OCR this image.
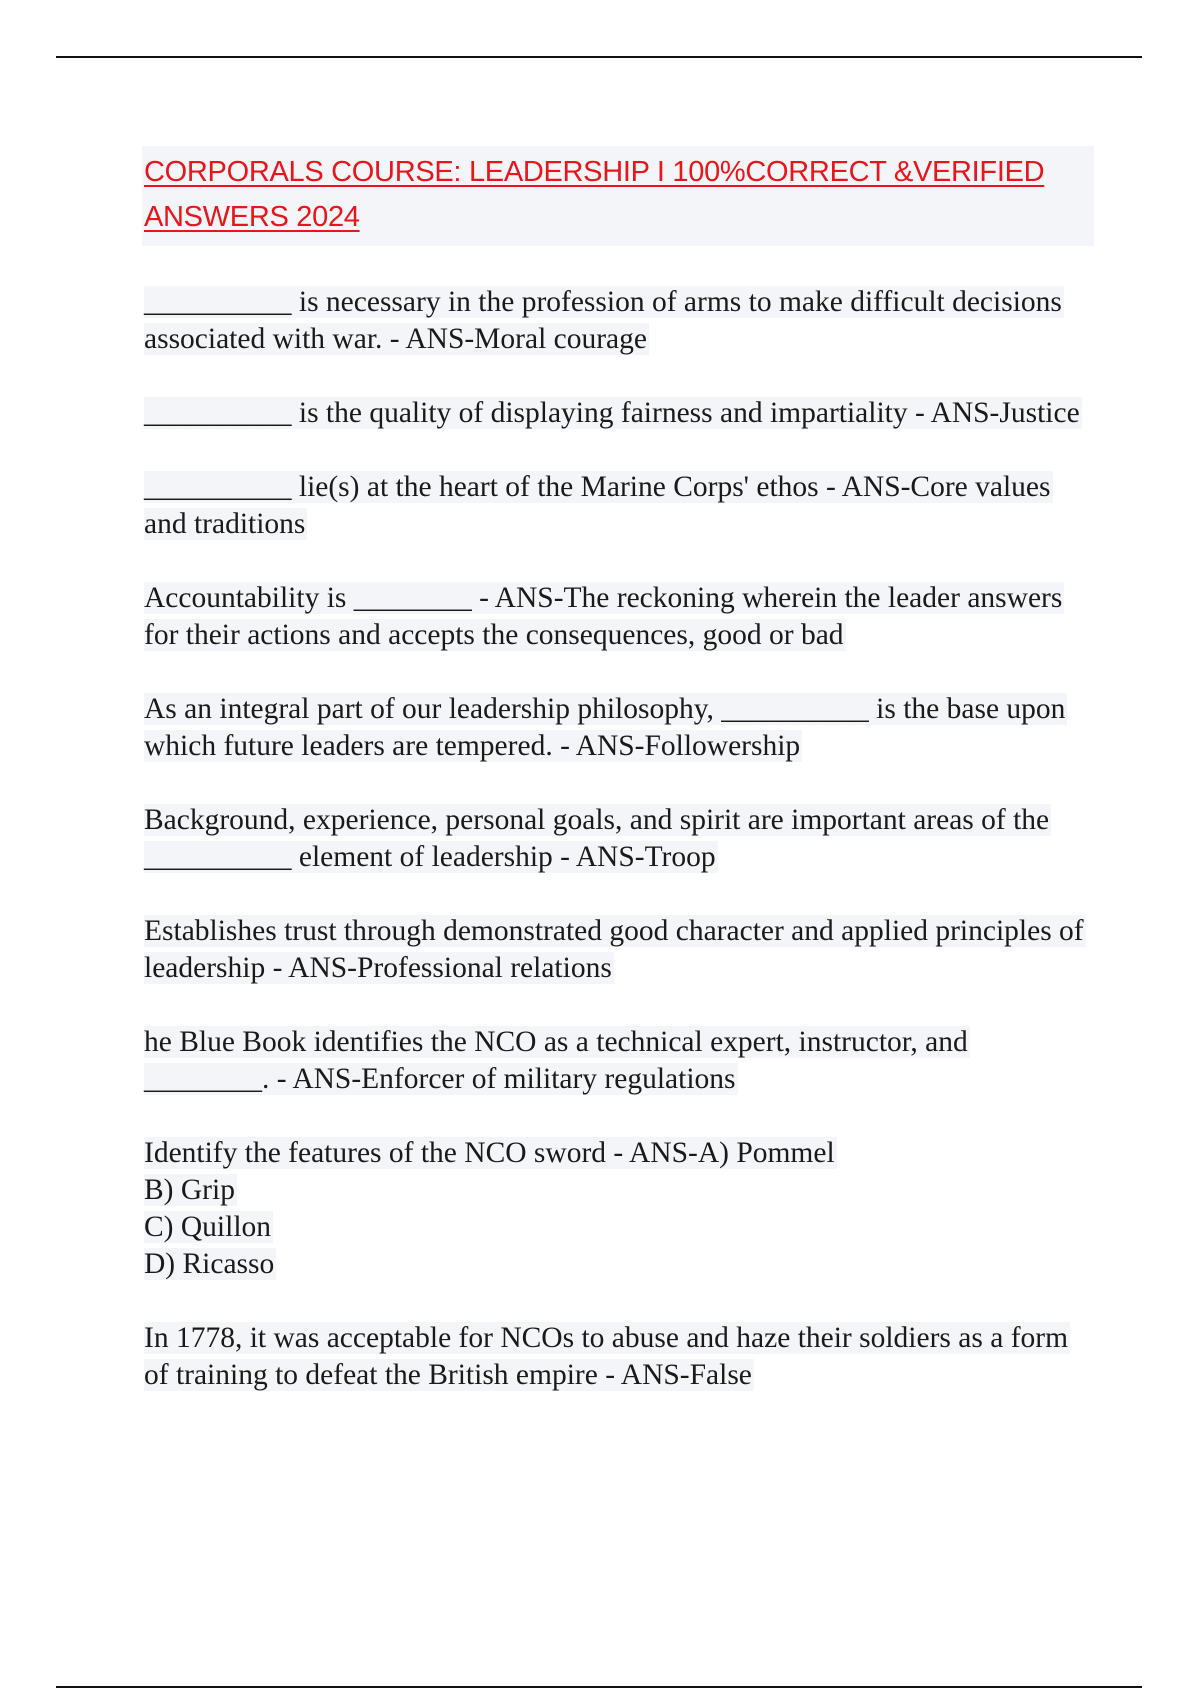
CORPORALS COURSE: LEADERSHIP I 100%CORRECT &VERIFIED ANSWERS 2024

__________ is necessary in the profession of arms to make difficult decisions associated with war. - ANS-Moral courage

__________ is the quality of displaying fairness and impartiality - ANS-Justice

__________ lie(s) at the heart of the Marine Corps' ethos - ANS-Core values and traditions

Accountability is ________ - ANS-The reckoning wherein the leader answers for their actions and accepts the consequences, good or bad

As an integral part of our leadership philosophy, __________ is the base upon which future leaders are tempered. - ANS-Followership

Background, experience, personal goals, and spirit are important areas of the __________ element of leadership - ANS-Troop

Establishes trust through demonstrated good character and applied principles of leadership - ANS-Professional relations

he Blue Book identifies the NCO as a technical expert, instructor, and ________. - ANS-Enforcer of military regulations

Identify the features of the NCO sword - ANS-A) Pommel
B) Grip
C) Quillon
D) Ricasso

In 1778, it was acceptable for NCOs to abuse and haze their soldiers as a form of training to defeat the British empire - ANS-False
